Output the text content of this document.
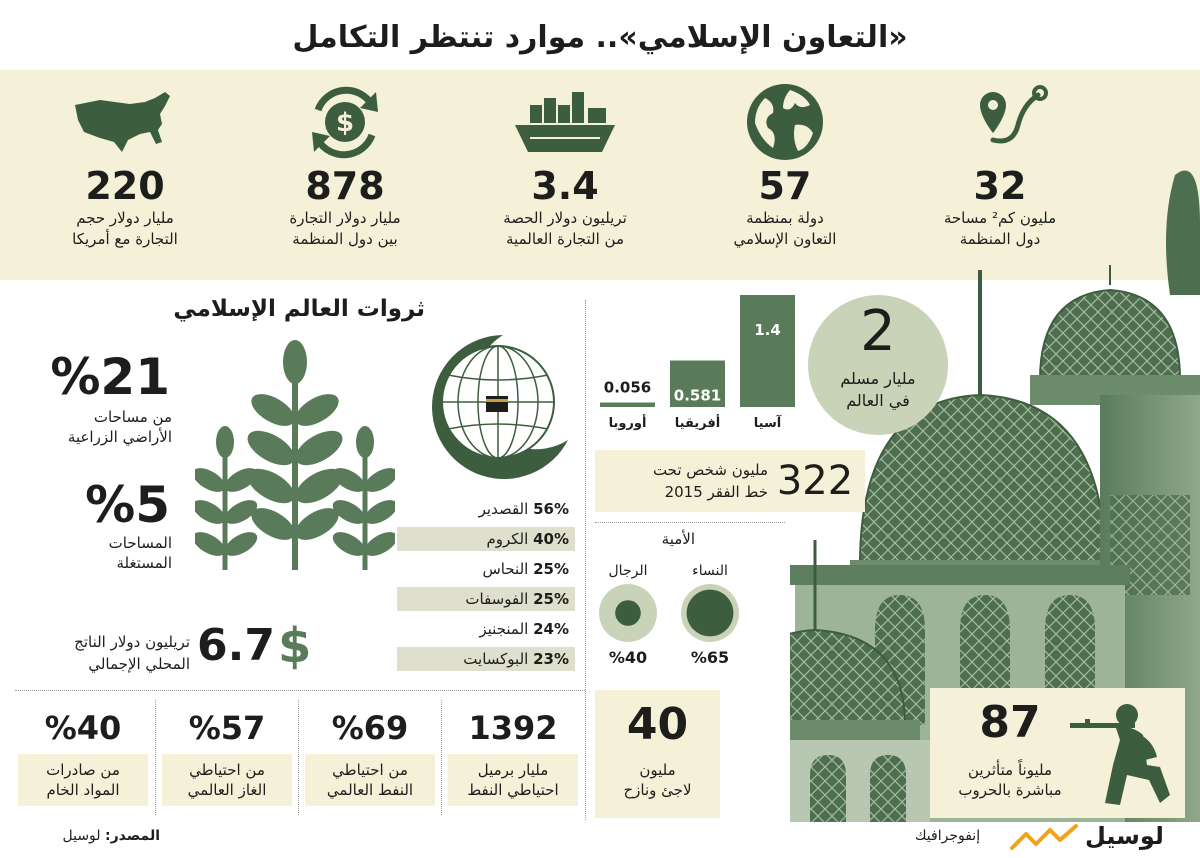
«التعاون الإسلامي».. موارد تنتظر التكامل
32
مليون كم² مساحة
دول المنظمة
57
دولة بمنظمة
التعاون الإسلامي
3.4
تريليون دولار الحصة
من التجارة العالمية
$
878
مليار دولار التجارة
بين دول المنظمة
220
مليار دولار حجم
التجارة مع أمريكا
ثروات العالم الإسلامي
%21
من مساحات
الأراضي الزراعية
%5
المساحات
المستغلة
56% القصدير
40% الكروم
25% النحاس
25% الفوسفات
24% المنجنيز
23% البوكسايت
تريليون دولار الناتج
المحلي الإجمالي 6.7 $
1392
مليار برميل
احتياطي النفط
%69
من احتياطي
النفط العالمي
%57
من احتياطي
الغاز العالمي
%40
من صادرات
المواد الخام
2
مليار مسلم
في العالم
1.4
آسيا
0.581
أفريقيا
0.056
أوروبا
322
مليون شخص تحت
خط الفقر 2015
الأمية
النساء
الرجال
%65
%40
40
مليون
لاجئ ونازح
87
مليوناً متأثرين
مباشرة بالحروب
المصدر: لوسيل	إنفوجرافيك	لوسيل
